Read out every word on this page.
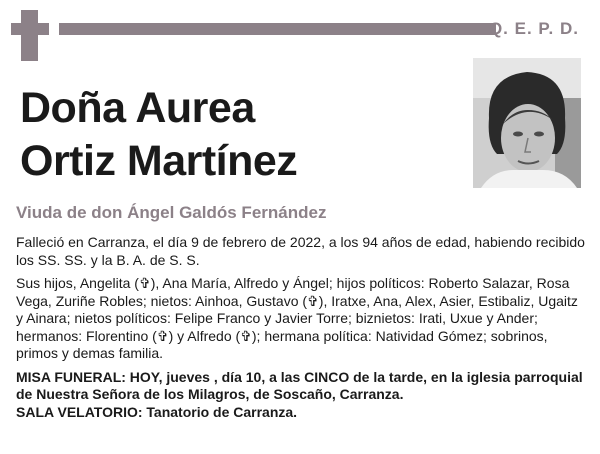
Q. E. P. D.
Doña Aurea
Ortiz Martínez
Viuda de don Ángel Galdós Fernández

Falleció en Carranza, el día 9 de febrero de 2022, a los 94 años de edad, habiendo recibido los SS. SS. y la B. A. de S. S.

Sus hijos, Angelita (✞), Ana María, Alfredo y Ángel; hijos políticos: Roberto Salazar, Rosa Vega, Zuriñe Robles; nietos: Ainhoa, Gustavo (✞), Iratxe, Ana, Alex, Asier, Estibaliz, Ugaitz y Ainara; nietos políticos: Felipe Franco y Javier Torre; biznietos: Irati, Uxue y Ander; hermanos: Florentino (✞) y Alfredo (✞); hermana política: Natividad Gómez; sobrinos, primos y demas familia.

MISA FUNERAL: HOY, jueves , día 10, a las CINCO de la tarde, en la iglesia parroquial de Nuestra Señora de los Milagros, de Soscaño, Carranza.

SALA VELATORIO: Tanatorio de Carranza.
